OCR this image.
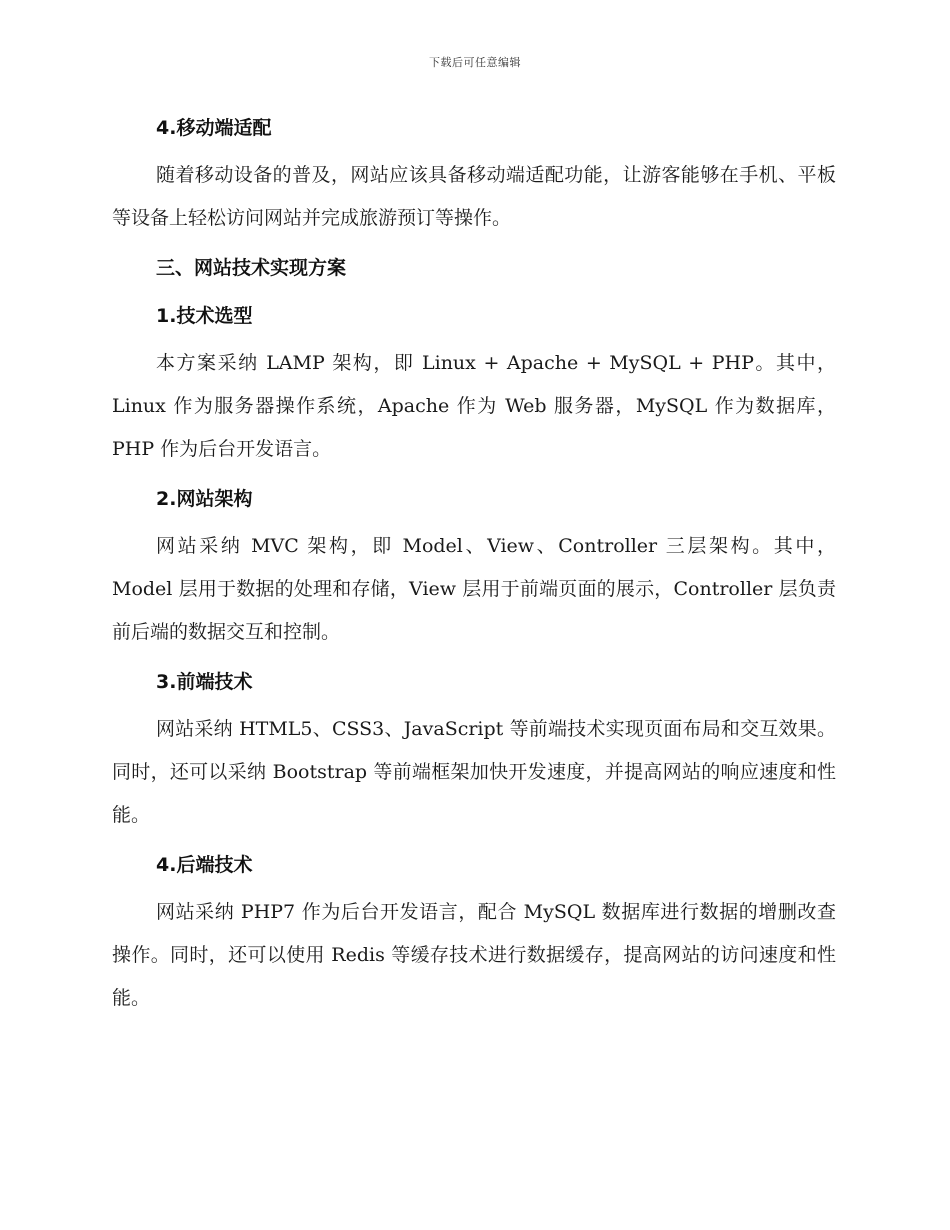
下载后可任意编辑
4.移动端适配

随着移动设备的普及，网站应该具备移动端适配功能，让游客能够在手机、平板等设备上轻松访问网站并完成旅游预订等操作。

三、网站技术实现方案
1.技术选型

本方案采纳 LAMP 架构，即 Linux + Apache + MySQL + PHP。其中，Linux 作为服务器操作系统，Apache 作为 Web 服务器，MySQL 作为数据库，PHP 作为后台开发语言。

2.网站架构

网站采纳 MVC 架构，即 Model、View、Controller 三层架构。其中，Model 层用于数据的处理和存储，View 层用于前端页面的展示，Controller 层负责前后端的数据交互和控制。

3.前端技术

网站采纳 HTML5、CSS3、JavaScript 等前端技术实现页面布局和交互效果。同时，还可以采纳 Bootstrap 等前端框架加快开发速度，并提高网站的响应速度和性能。

4.后端技术

网站采纳 PHP7 作为后台开发语言，配合 MySQL 数据库进行数据的增删改查操作。同时，还可以使用 Redis 等缓存技术进行数据缓存，提高网站的访问速度和性能。
